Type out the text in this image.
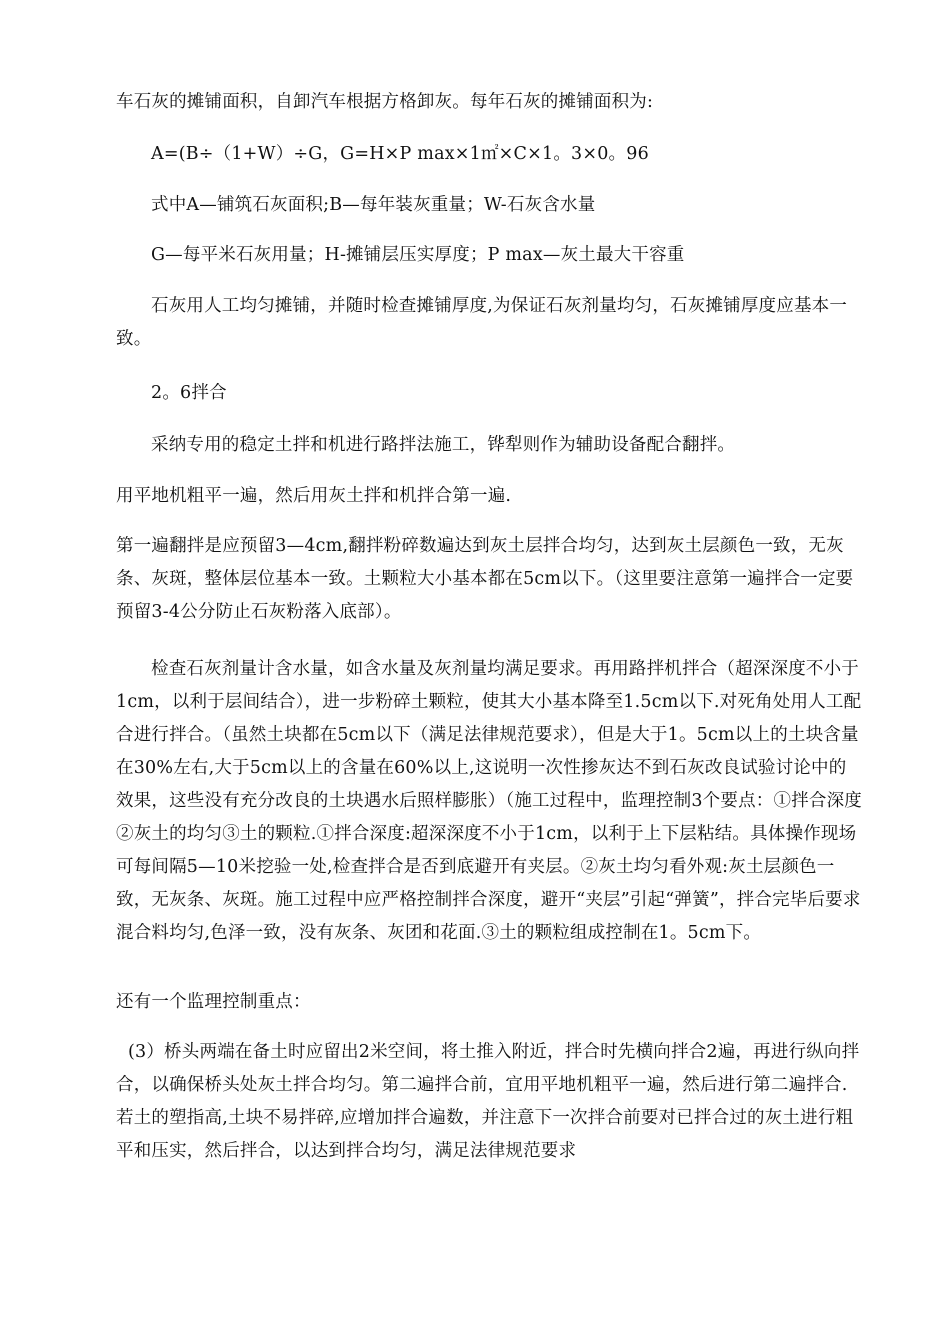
车石灰的摊铺面积，自卸汽车根据方格卸灰。每年石灰的摊铺面积为:

A=(B÷（1+W）÷G，G=H×P max×1㎡×C×1。3×0。96

式中A—铺筑石灰面积;B—每年装灰重量；W-石灰含水量

G—每平米石灰用量；H-摊铺层压实厚度；P max—灰土最大干容重

石灰用人工均匀摊铺，并随时检查摊铺厚度,为保证石灰剂量均匀，石灰摊铺厚度应基本一致。

2。6拌合

采纳专用的稳定土拌和机进行路拌法施工，铧犁则作为辅助设备配合翻拌。

用平地机粗平一遍，然后用灰土拌和机拌合第一遍.

第一遍翻拌是应预留3—4cm,翻拌粉碎数遍达到灰土层拌合均匀，达到灰土层颜色一致，无灰条、灰斑，整体层位基本一致。土颗粒大小基本都在5cm以下。（这里要注意第一遍拌合一定要预留3-4公分防止石灰粉落入底部）。

检查石灰剂量计含水量，如含水量及灰剂量均满足要求。再用路拌机拌合（超深深度不小于1cm，以利于层间结合），进一步粉碎土颗粒，使其大小基本降至1.5cm以下.对死角处用人工配合进行拌合。（虽然土块都在5cm以下（满足法律规范要求），但是大于1。5cm以上的土块含量在30%左右,大于5cm以上的含量在60%以上,这说明一次性掺灰达不到石灰改良试验讨论中的效果，这些没有充分改良的土块遇水后照样膨胀）（施工过程中，监理控制3个要点：①拌合深度②灰土的均匀③土的颗粒.①拌合深度:超深深度不小于1cm，以利于上下层粘结。具体操作现场可每间隔5—10米挖验一处,检查拌合是否到底避开有夹层。②灰土均匀看外观:灰土层颜色一致，无灰条、灰斑。施工过程中应严格控制拌合深度，避开“夹层”引起“弹簧”，拌合完毕后要求混合料均匀,色泽一致，没有灰条、灰团和花面.③土的颗粒组成控制在1。5cm下。

还有一个监理控制重点：

(3）桥头两端在备土时应留出2米空间，将土推入附近，拌合时先横向拌合2遍，再进行纵向拌合，以确保桥头处灰土拌合均匀。第二遍拌合前，宜用平地机粗平一遍，然后进行第二遍拌合.若土的塑指高,土块不易拌碎,应增加拌合遍数，并注意下一次拌合前要对已拌合过的灰土进行粗平和压实，然后拌合，以达到拌合均匀，满足法律规范要求
